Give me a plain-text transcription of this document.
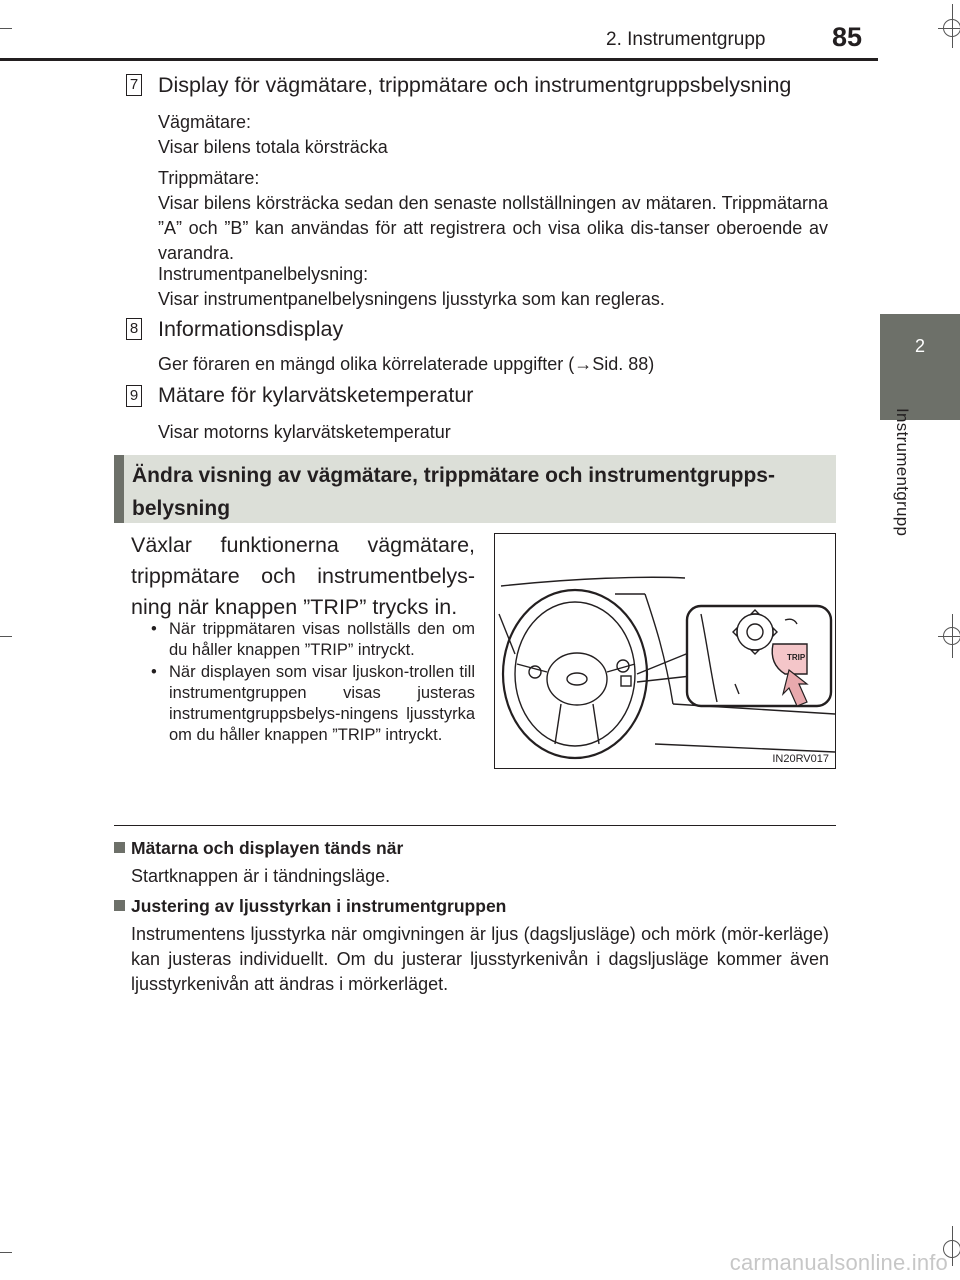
2. Instrumentgrupp 85
2
Instrumentgrupp
7 Display för vägmätare, trippmätare och instrumentgruppsbelysning
Vägmätare:
Visar bilens totala körsträcka
Trippmätare:
Visar bilens körsträcka sedan den senaste nollställningen av mätaren. Trippmätarna ”A” och ”B” kan användas för att registrera och visa olika dis-tanser oberoende av varandra.
Instrumentpanelbelysning:
Visar instrumentpanelbelysningens ljusstyrka som kan regleras.
8 Informationsdisplay
Ger föraren en mängd olika körrelaterade uppgifter (→Sid. 88)
9 Mätare för kylarvätsketemperatur
Visar motorns kylarvätsketemperatur
Ändra visning av vägmätare, trippmätare och instrumentgrupps-belysning
Växlar funktionerna vägmätare, trippmätare och instrumentbelys-ning när knappen ”TRIP” trycks in.
• När trippmätaren visas nollställs den om du håller knappen ”TRIP” intryckt.
• När displayen som visar ljuskon-trollen till instrumentgruppen visas justeras instrumentgruppsbelys-ningens ljusstyrka om du håller knappen ”TRIP” intryckt.
TRIP
IN20RV017
Mätarna och displayen tänds när
Startknappen är i tändningsläge.
Justering av ljusstyrkan i instrumentgruppen
Instrumentens ljusstyrka när omgivningen är ljus (dagsljusläge) och mörk (mör-kerläge) kan justeras individuellt. Om du justerar ljusstyrkenivån i dagsljusläge kommer även ljusstyrkenivån att ändras i mörkerläget.
carmanualsonline.info
